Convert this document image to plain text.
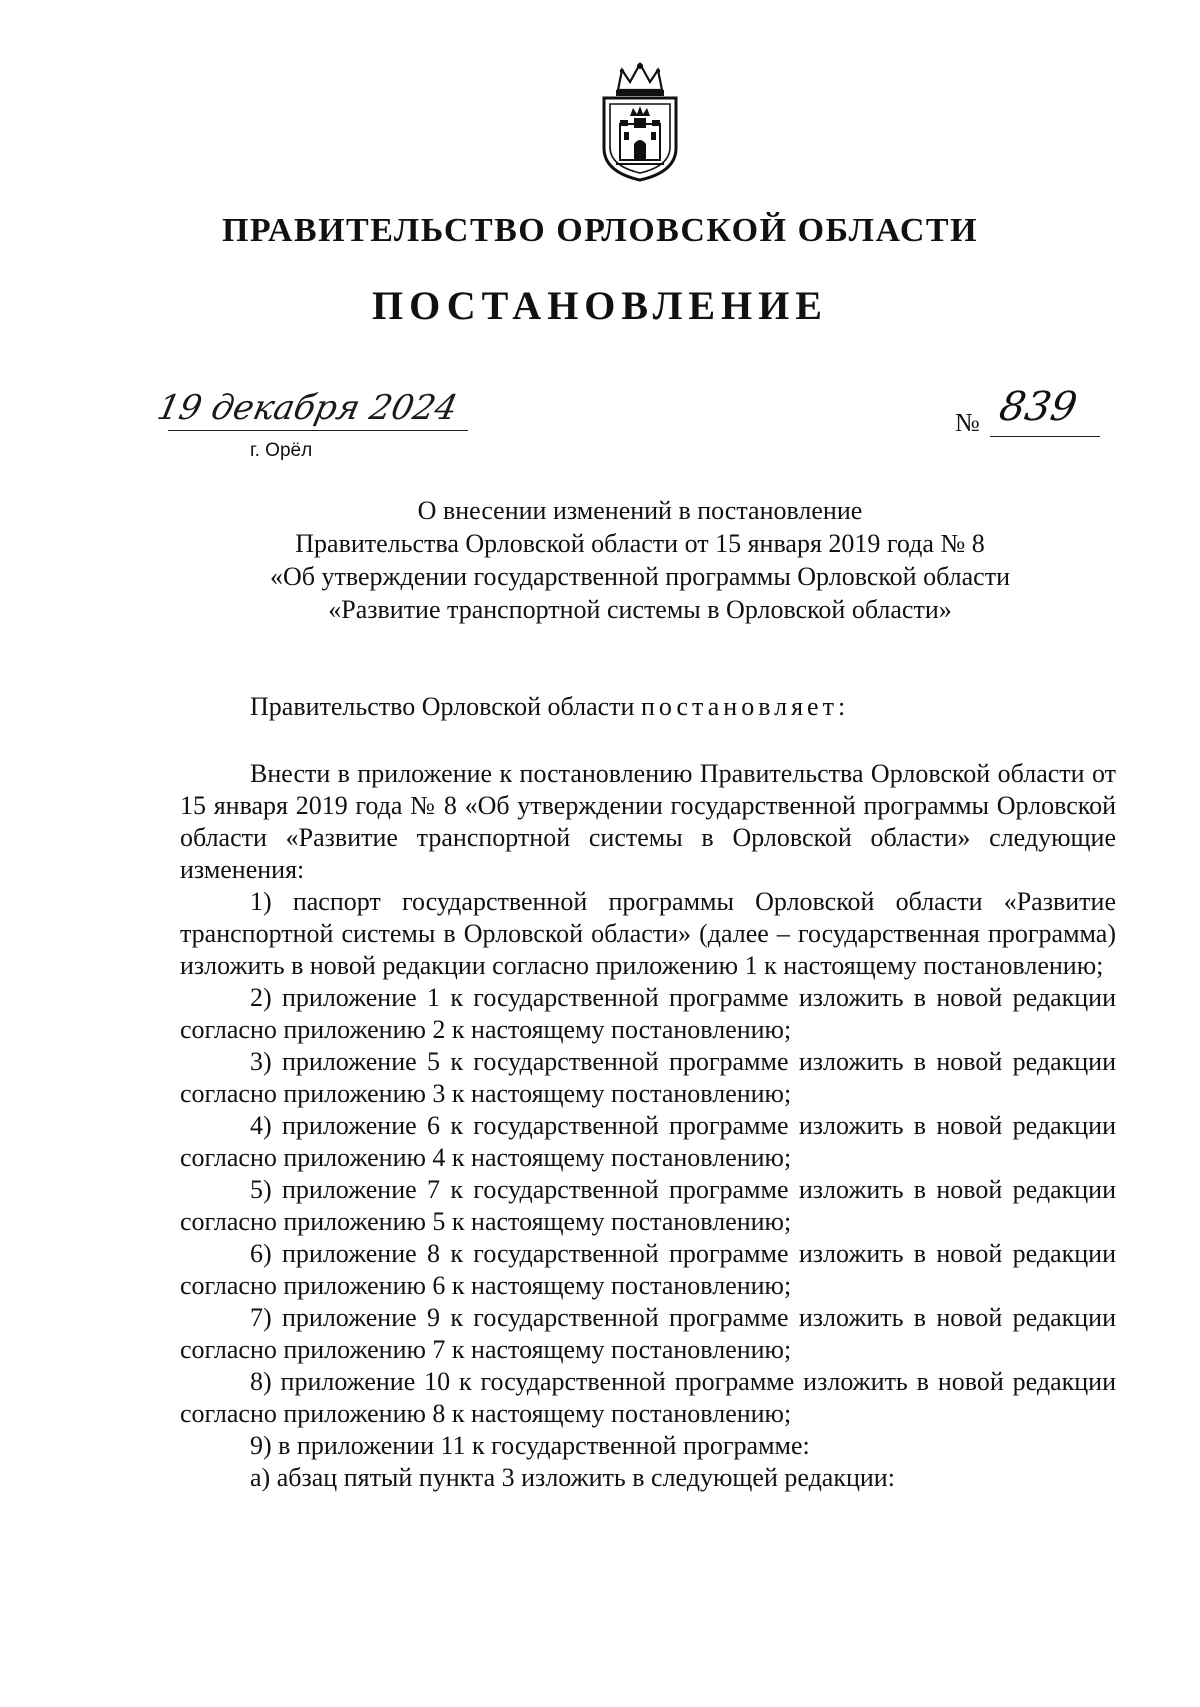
ПРАВИТЕЛЬСТВО ОРЛОВСКОЙ ОБЛАСТИ
ПОСТАНОВЛЕНИЕ
19 декабря 2024
г. Орёл
№ 839
О внесении изменений в постановление
Правительства Орловской области от 15 января 2019 года № 8
«Об утверждении государственной программы Орловской области
«Развитие транспортной системы в Орловской области»
Правительство Орловской области постановляет:

Внести в приложение к постановлению Правительства Орловской области от 15 января 2019 года № 8 «Об утверждении государственной программы Орловской области «Развитие транспортной системы в Орловской области» следующие изменения:

1) паспорт государственной программы Орловской области «Развитие транспортной системы в Орловской области» (далее – государственная программа) изложить в новой редакции согласно приложению 1 к настоящему постановлению;

2) приложение 1 к государственной программе изложить в новой редакции согласно приложению 2 к настоящему постановлению;

3) приложение 5 к государственной программе изложить в новой редакции согласно приложению 3 к настоящему постановлению;

4) приложение 6 к государственной программе изложить в новой редакции согласно приложению 4 к настоящему постановлению;

5) приложение 7 к государственной программе изложить в новой редакции согласно приложению 5 к настоящему постановлению;

6) приложение 8 к государственной программе изложить в новой редакции согласно приложению 6 к настоящему постановлению;

7) приложение 9 к государственной программе изложить в новой редакции согласно приложению 7 к настоящему постановлению;

8) приложение 10 к государственной программе изложить в новой редакции согласно приложению 8 к настоящему постановлению;

9) в приложении 11 к государственной программе:

а) абзац пятый пункта 3 изложить в следующей редакции:
